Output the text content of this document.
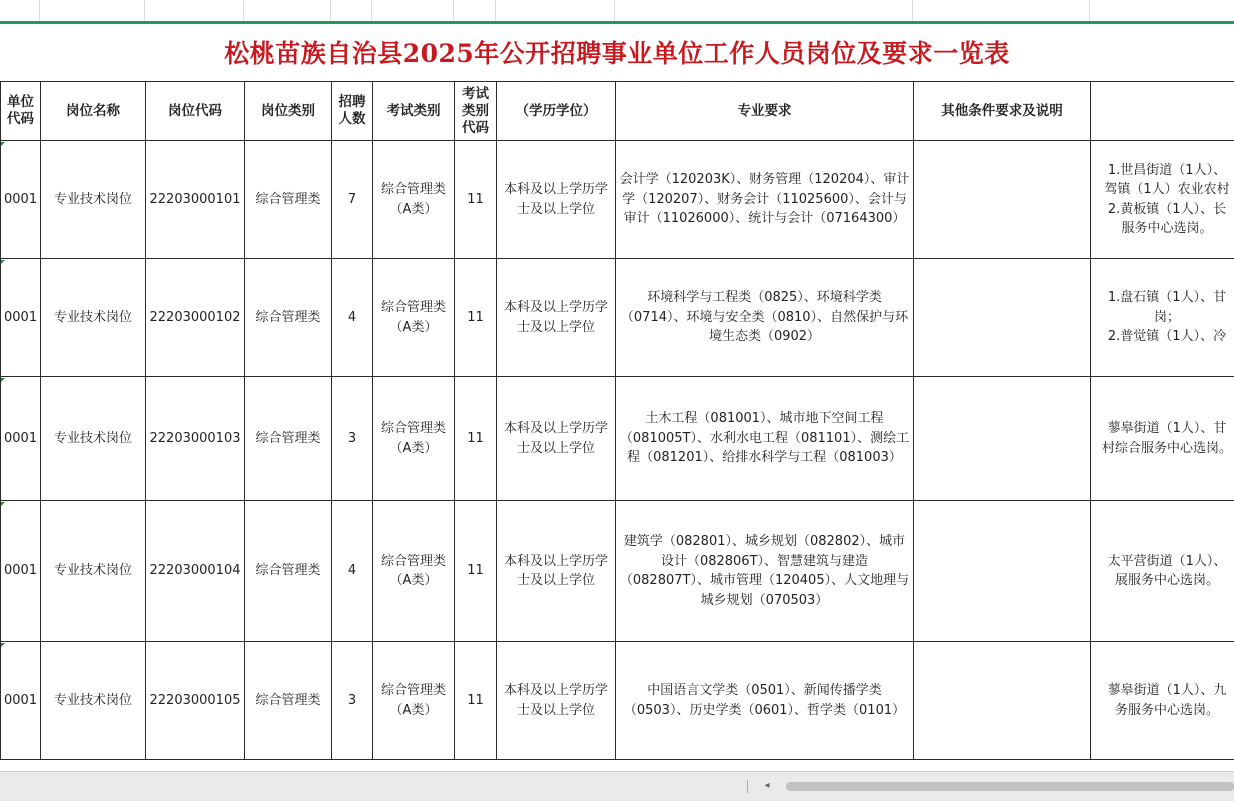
松桃苗族自治县2025年公开招聘事业单位工作人员岗位及要求一览表
单位代码	岗位名称	岗位代码	岗位类别	招聘人数	考试类别	考试类别代码	（学历学位）	专业要求	其他条件要求及说明	
0001	专业技术岗位	22203000101	综合管理类	7	综合管理类（A类）	11	本科及以上学历学士及以上学位	会计学（120203K）、财务管理（120204）、审计学（120207）、财务会计（11025600）、会计与审计（11026000）、统计与会计（07164300）		1.世昌街道（1人）、
驾镇（1人）农业农村
2.黄板镇（1人）、长
服务中心选岗。

0001	专业技术岗位	22203000102	综合管理类	4	综合管理类（A类）	11	本科及以上学历学士及以上学位	环境科学与工程类（0825）、环境科学类（0714）、环境与安全类（0810）、自然保护与环境生态类（0902）		1.盘石镇（1人）、甘
岗；
2.普觉镇（1人）、冷

0001	专业技术岗位	22203000103	综合管理类	3	综合管理类（A类）	11	本科及以上学历学士及以上学位	土木工程（081001）、城市地下空间工程（081005T）、水利水电工程（081101）、测绘工程（081201）、给排水科学与工程（081003）		蓼皋街道（1人）、甘
村综合服务中心选岗。

0001	专业技术岗位	22203000104	综合管理类	4	综合管理类（A类）	11	本科及以上学历学士及以上学位	建筑学（082801）、城乡规划（082802）、城市设计（082806T）、智慧建筑与建造（082807T）、城市管理（120405）、人文地理与城乡规划（070503）		太平营街道（1人）、
展服务中心选岗。

0001	专业技术岗位	22203000105	综合管理类	3	综合管理类（A类）	11	本科及以上学历学士及以上学位	中国语言文学类（0501）、新闻传播学类（0503）、历史学类（0601）、哲学类（0101）		蓼皋街道（1人）、九
务服务中心选岗。
◂
